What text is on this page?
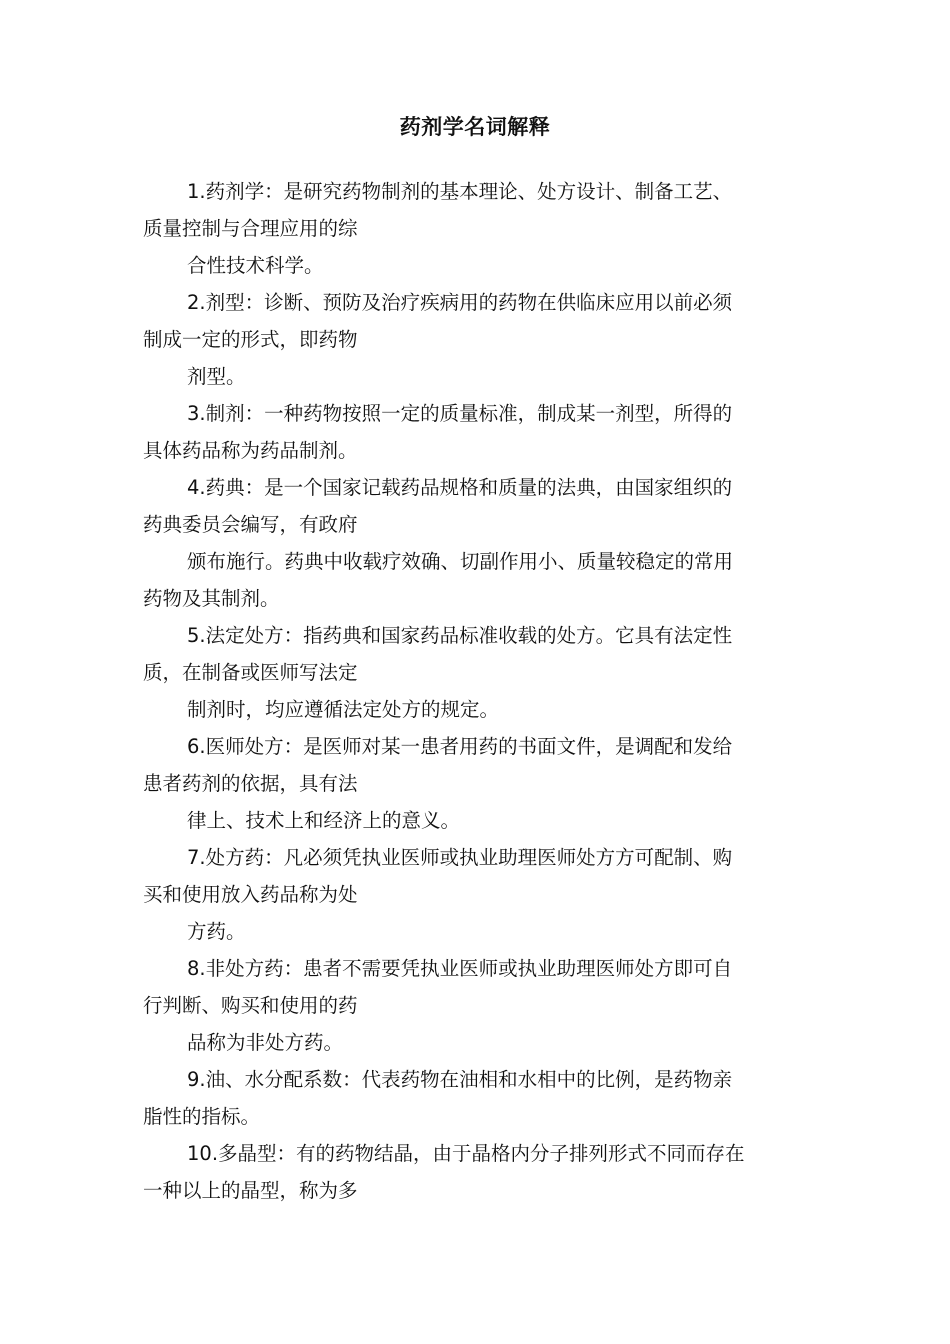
药剂学名词解释
1.药剂学：是研究药物制剂的基本理论、处方设计、制备工艺、
质量控制与合理应用的综
合性技术科学。
2.剂型：诊断、预防及治疗疾病用的药物在供临床应用以前必须
制成一定的形式，即药物
剂型。
3.制剂：一种药物按照一定的质量标准，制成某一剂型，所得的
具体药品称为药品制剂。
4.药典：是一个国家记载药品规格和质量的法典，由国家组织的
药典委员会编写，有政府
颁布施行。药典中收载疗效确、切副作用小、质量较稳定的常用
药物及其制剂。
5.法定处方：指药典和国家药品标准收载的处方。它具有法定性
质，在制备或医师写法定
制剂时，均应遵循法定处方的规定。
6.医师处方：是医师对某一患者用药的书面文件，是调配和发给
患者药剂的依据，具有法
律上、技术上和经济上的意义。
7.处方药：凡必须凭执业医师或执业助理医师处方方可配制、购
买和使用放入药品称为处
方药。
8.非处方药：患者不需要凭执业医师或执业助理医师处方即可自
行判断、购买和使用的药
品称为非处方药。
9.油、水分配系数：代表药物在油相和水相中的比例，是药物亲
脂性的指标。
10.多晶型：有的药物结晶，由于晶格内分子排列形式不同而存在
一种以上的晶型，称为多
